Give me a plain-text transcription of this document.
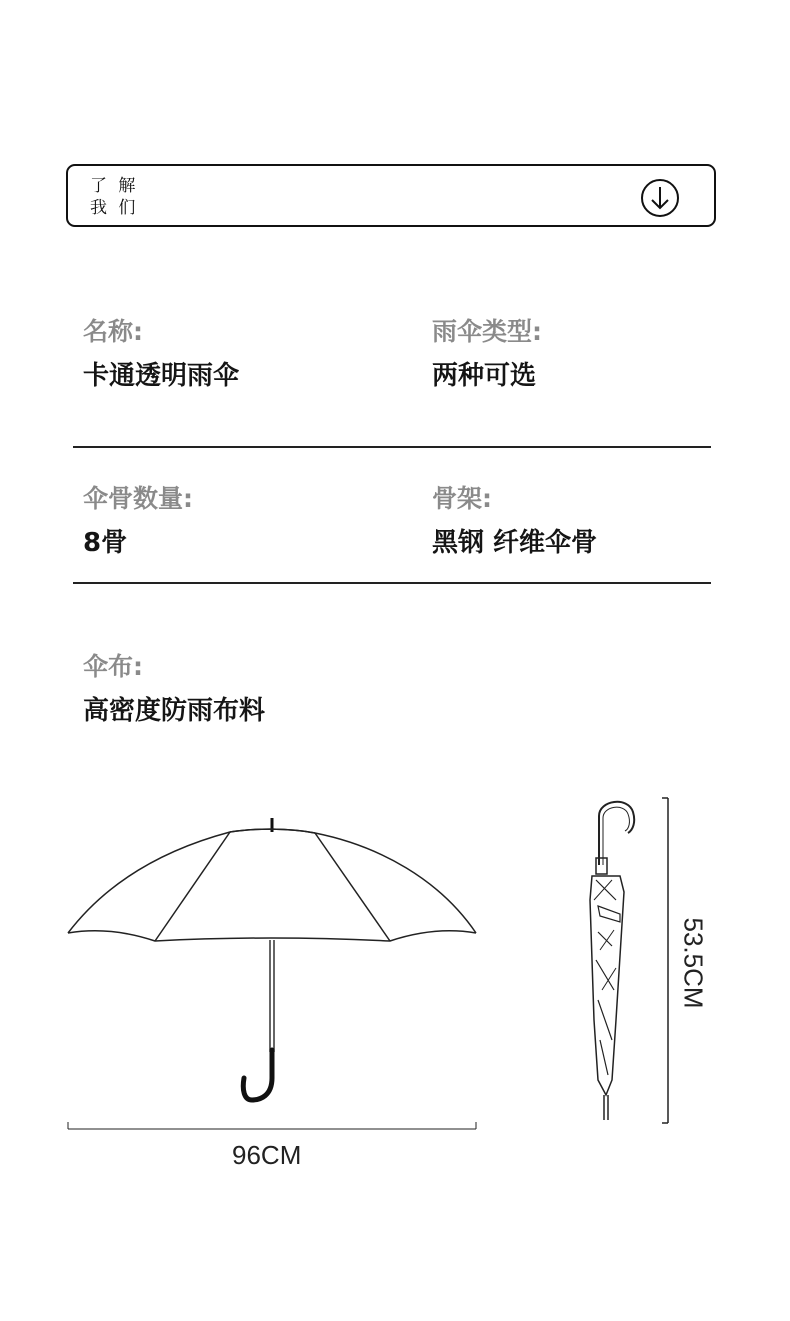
了 解
我 们
名称:
卡通透明雨伞
雨伞类型:
两种可选
伞骨数量:
8骨
骨架:
黑钢 纤维伞骨
伞布:
高密度防雨布料
96CM
53.5CM
